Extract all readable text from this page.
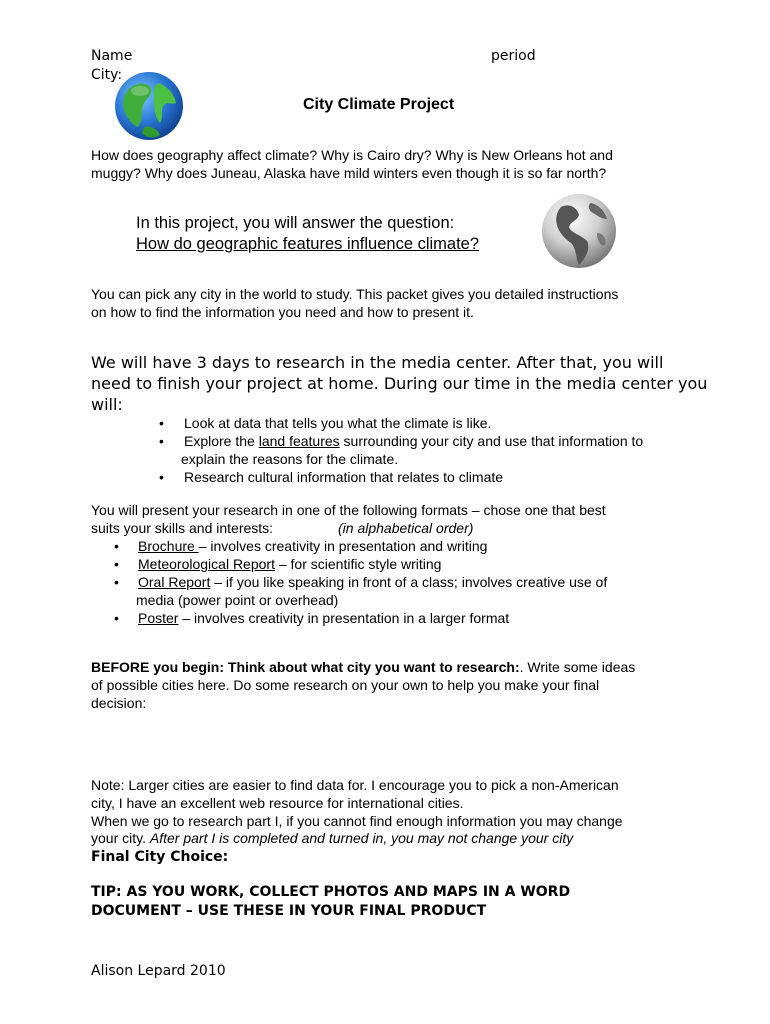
Name	period
City:
City Climate Project
How does geography affect climate? Why is Cairo dry? Why is New Orleans hot and
muggy? Why does Juneau, Alaska have mild winters even though it is so far north?
In this project, you will answer the question:
How do geographic features influence climate?
You can pick any city in the world to study. This packet gives you detailed instructions
on how to find the information you need and how to present it.
We will have 3 days to research in the media center. After that, you will
need to finish your project at home. During our time in the media center you
will:
• Look at data that tells you what the climate is like.
• Explore the land features surrounding your city and use that information to
explain the reasons for the climate.
• Research cultural information that relates to climate
You will present your research in one of the following formats – chose one that best
suits your skills and interests:	(in alphabetical order)
• Brochure – involves creativity in presentation and writing
• Meteorological Report – for scientific style writing
• Oral Report – if you like speaking in front of a class; involves creative use of
media (power point or overhead)
• Poster – involves creativity in presentation in a larger format
BEFORE you begin: Think about what city you want to research:. Write some ideas
of possible cities here. Do some research on your own to help you make your final
decision:
Note: Larger cities are easier to find data for. I encourage you to pick a non-American
city, I have an excellent web resource for international cities.
When we go to research part I, if you cannot find enough information you may change
your city. After part I is completed and turned in, you may not change your city
Final City Choice:
TIP: AS YOU WORK, COLLECT PHOTOS AND MAPS IN A WORD
DOCUMENT – USE THESE IN YOUR FINAL PRODUCT
Alison Lepard 2010
